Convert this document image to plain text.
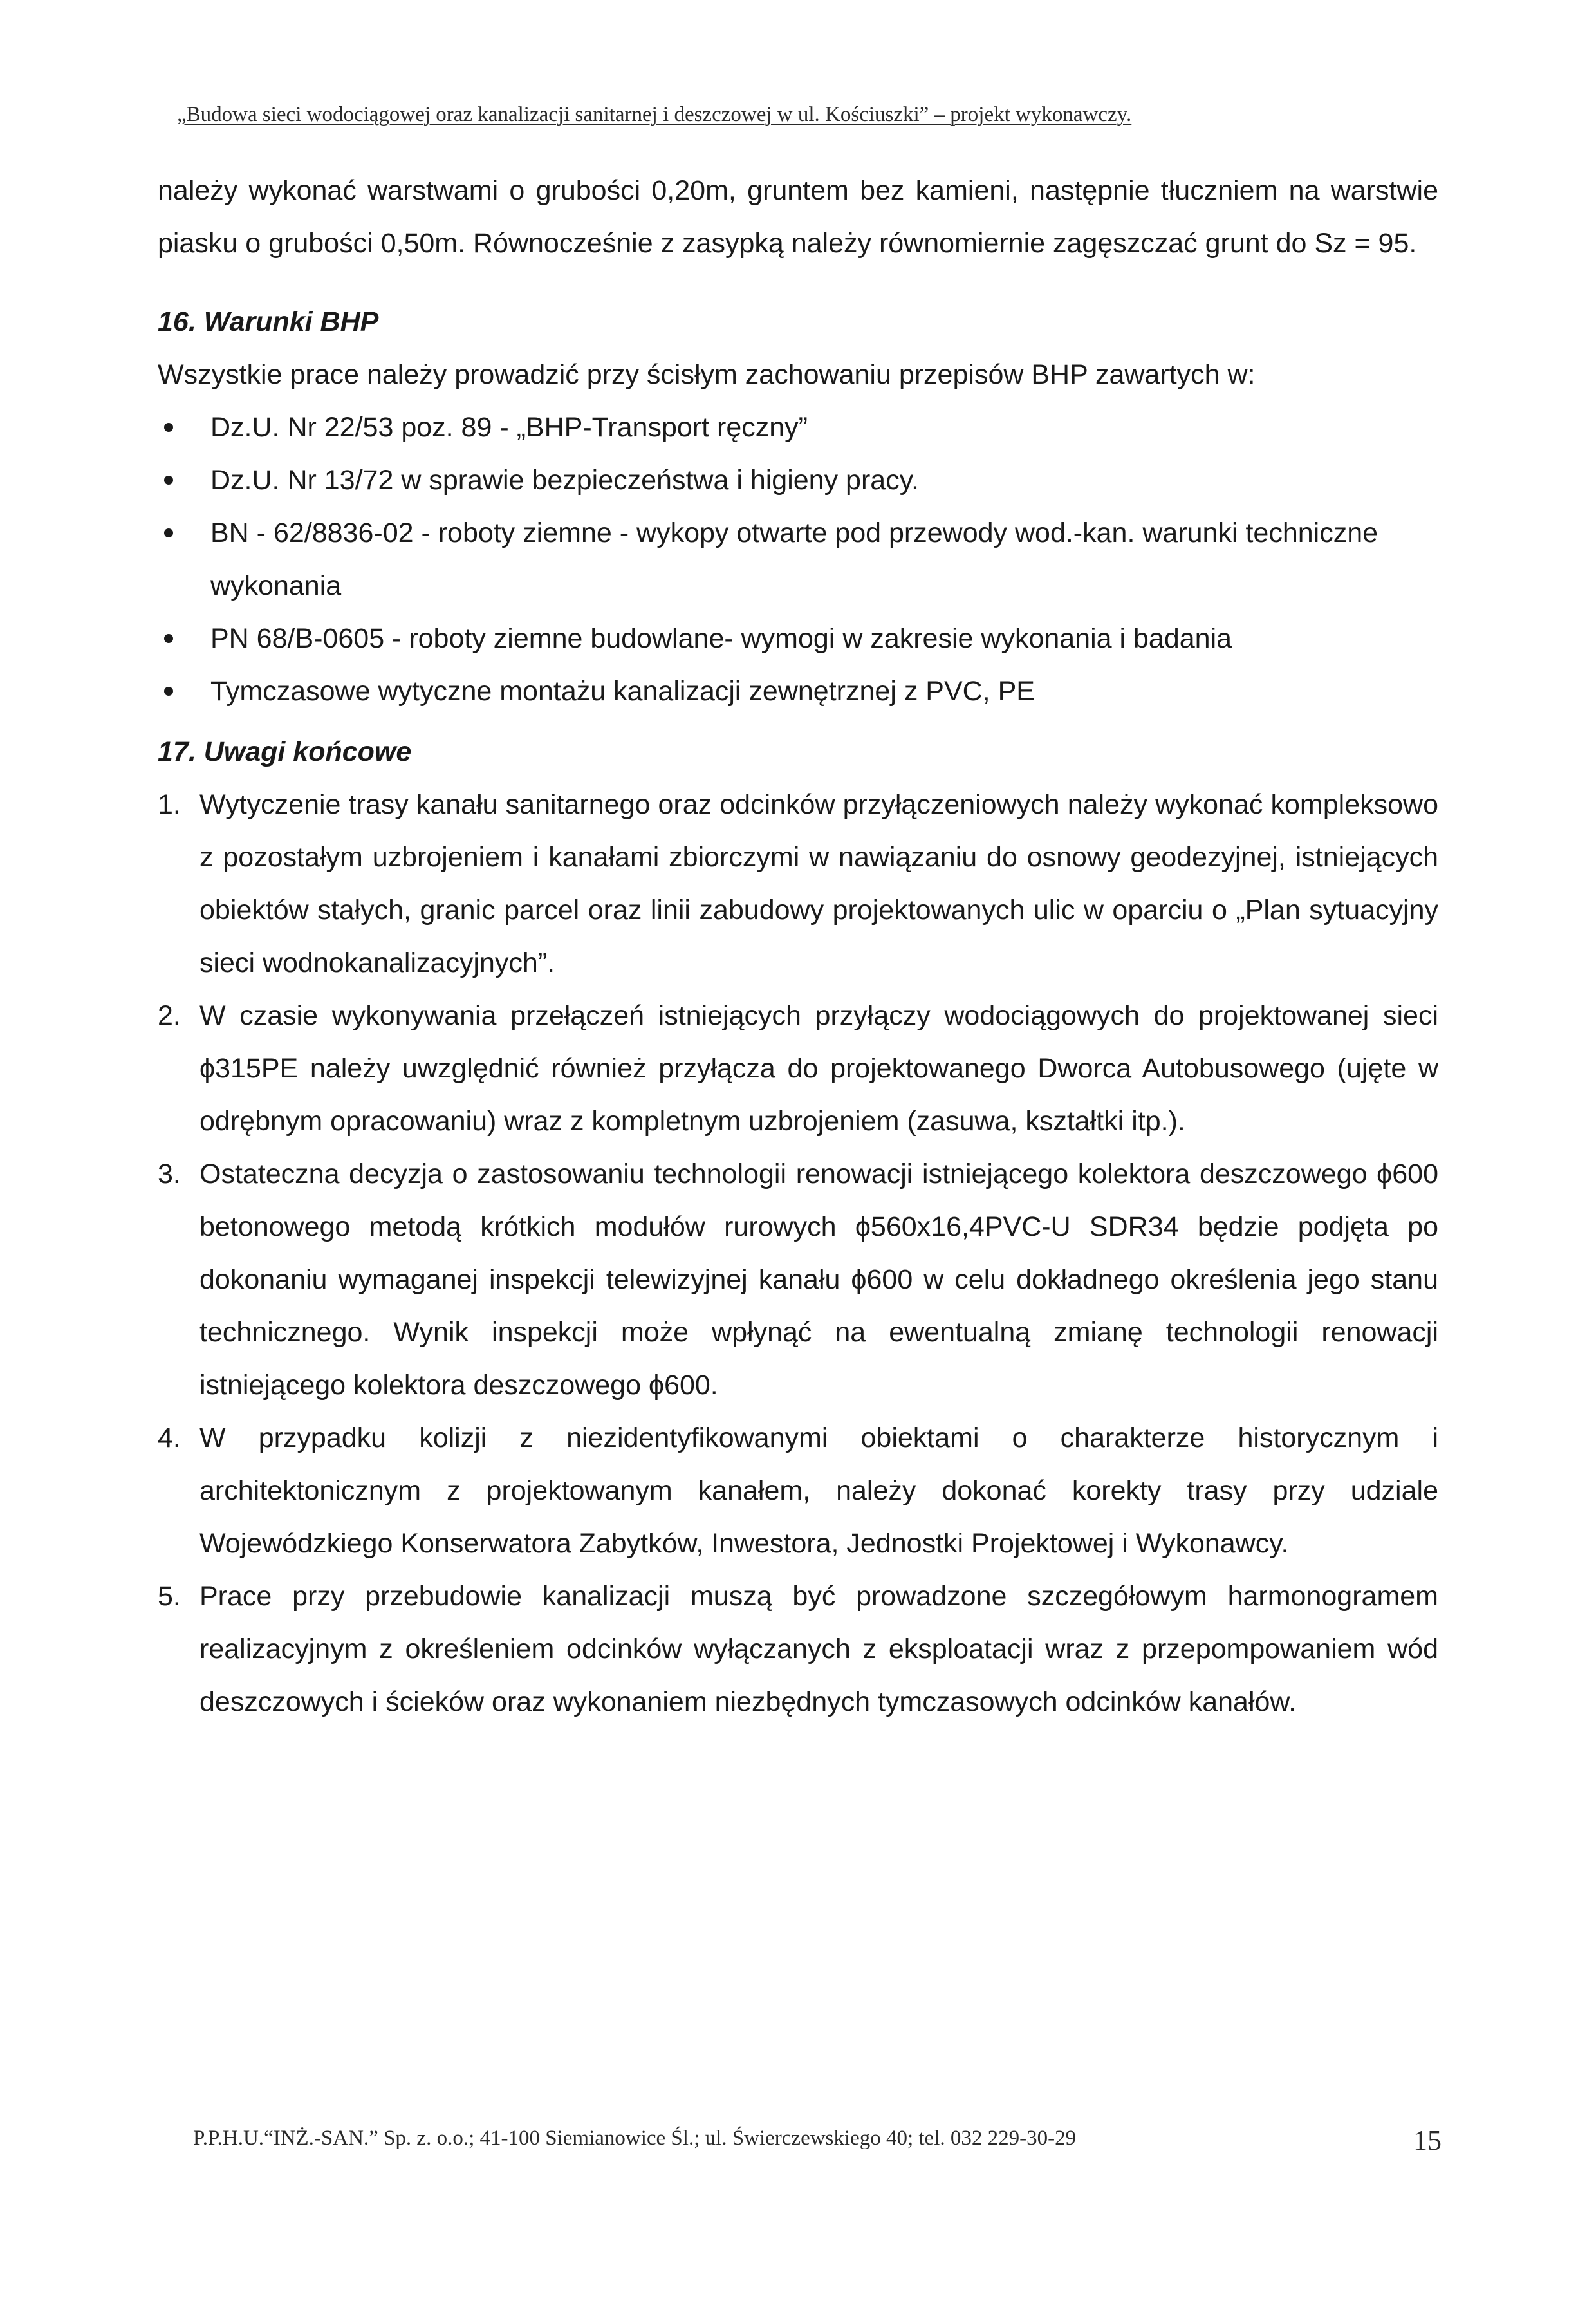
„Budowa sieci wodociągowej oraz kanalizacji sanitarnej i deszczowej w ul. Kościuszki” – projekt wykonawczy.

należy wykonać warstwami o grubości 0,20m, gruntem bez kamieni, następnie tłuczniem na warstwie piasku o grubości 0,50m. Równocześnie z zasypką należy równomiernie zagęszczać grunt do Sz = 95.

16. Warunki BHP

Wszystkie prace należy prowadzić przy ścisłym zachowaniu przepisów BHP zawartych w:

Dz.U. Nr 22/53 poz. 89 - „BHP-Transport ręczny”
Dz.U. Nr 13/72 w sprawie bezpieczeństwa i higieny pracy.
BN - 62/8836-02 - roboty ziemne - wykopy otwarte pod przewody wod.-kan. warunki techniczne wykonania
PN 68/B-0605 - roboty ziemne budowlane- wymogi w zakresie wykonania i badania
Tymczasowe wytyczne montażu kanalizacji zewnętrznej z PVC, PE
17. Uwagi końcowe
1. Wytyczenie trasy kanału sanitarnego oraz odcinków przyłączeniowych należy wykonać kompleksowo z pozostałym uzbrojeniem i kanałami zbiorczymi w nawiązaniu do osnowy geodezyjnej, istniejących obiektów stałych, granic parcel oraz linii zabudowy projektowanych ulic w oparciu o „Plan sytuacyjny sieci wodnokanalizacyjnych”.
2. W czasie wykonywania przełączeń istniejących przyłączy wodociągowych do projektowanej sieci ϕ315PE należy uwzględnić również przyłącza do projektowanego Dworca Autobusowego (ujęte w odrębnym opracowaniu) wraz z kompletnym uzbrojeniem (zasuwa, kształtki itp.).
3. Ostateczna decyzja o zastosowaniu technologii renowacji istniejącego kolektora deszczowego ϕ600 betonowego metodą krótkich modułów rurowych ϕ560x16,4PVC-U SDR34 będzie podjęta po dokonaniu wymaganej inspekcji telewizyjnej kanału ϕ600 w celu dokładnego określenia jego stanu technicznego. Wynik inspekcji może wpłynąć na ewentualną zmianę technologii renowacji istniejącego kolektora deszczowego ϕ600.
4. W przypadku kolizji z niezidentyfikowanymi obiektami o charakterze historycznym i architektonicznym z projektowanym kanałem, należy dokonać korekty trasy przy udziale Wojewódzkiego Konserwatora Zabytków, Inwestora, Jednostki Projektowej i Wykonawcy.
5. Prace przy przebudowie kanalizacji muszą być prowadzone szczegółowym harmonogramem realizacyjnym z określeniem odcinków wyłączanych z eksploatacji wraz z przepompowaniem wód deszczowych i ścieków oraz wykonaniem niezbędnych tymczasowych odcinków kanałów.
P.P.H.U.“INŻ.-SAN.” Sp. z. o.o.; 41-100 Siemianowice Śl.; ul. Świerczewskiego 40; tel. 032 229-30-29	15
